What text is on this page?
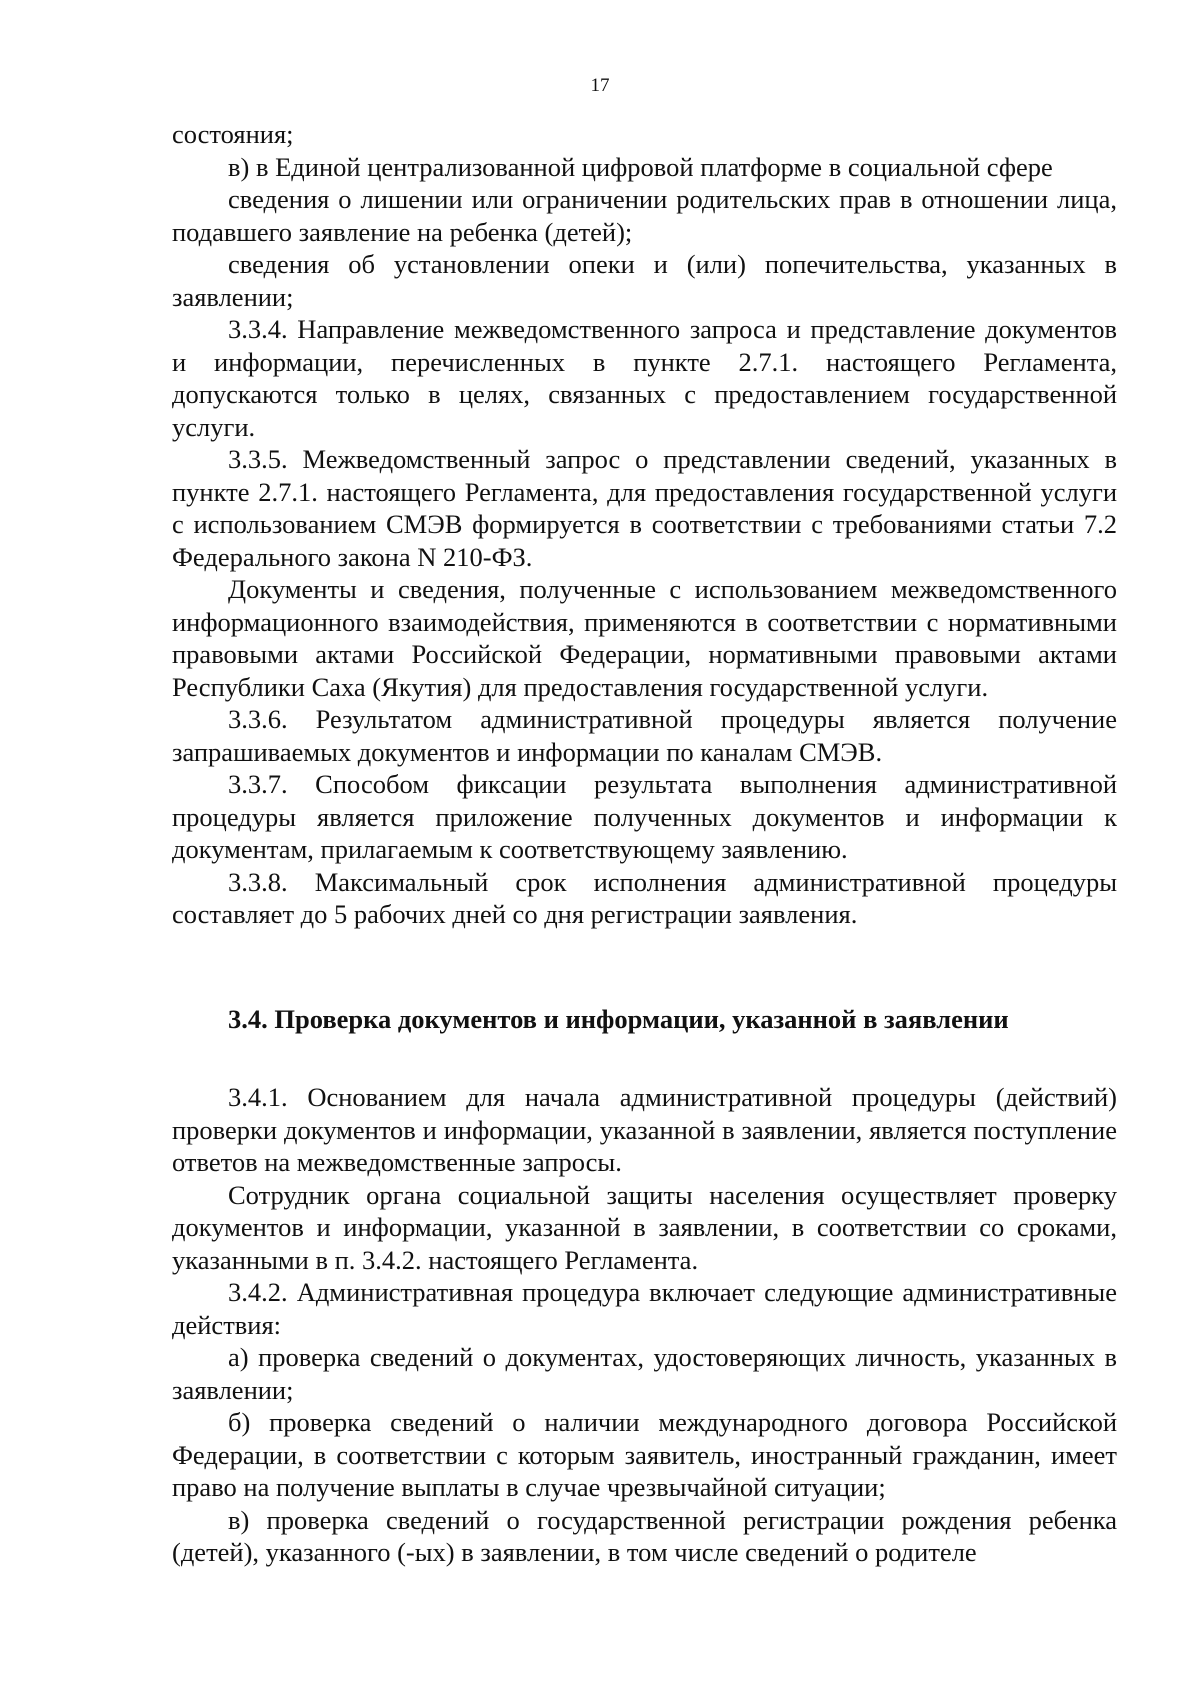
17

состояния;

в) в Единой централизованной цифровой платформе в социальной сфере

сведения о лишении или ограничении родительских прав в отношении лица, подавшего заявление на ребенка (детей);

сведения об установлении опеки и (или) попечительства, указанных в заявлении;

3.3.4. Направление межведомственного запроса и представление документов и информации, перечисленных в пункте 2.7.1. настоящего Регламента, допускаются только в целях, связанных с предоставлением государственной услуги.

3.3.5. Межведомственный запрос о представлении сведений, указанных в пункте 2.7.1. настоящего Регламента, для предоставления государственной услуги с использованием СМЭВ формируется в соответствии с требованиями статьи 7.2 Федерального закона N 210-ФЗ.

Документы и сведения, полученные с использованием межведомственного информационного взаимодействия, применяются в соответствии с нормативными правовыми актами Российской Федерации, нормативными правовыми актами Республики Саха (Якутия) для предоставления государственной услуги.

3.3.6. Результатом административной процедуры является получение запрашиваемых документов и информации по каналам СМЭВ.

3.3.7. Способом фиксации результата выполнения административной процедуры является приложение полученных документов и информации к документам, прилагаемым к соответствующему заявлению.

3.3.8. Максимальный срок исполнения административной процедуры составляет до 5 рабочих дней со дня регистрации заявления.

3.4. Проверка документов и информации, указанной в заявлении

3.4.1. Основанием для начала административной процедуры (действий) проверки документов и информации, указанной в заявлении, является поступление ответов на межведомственные запросы.

Сотрудник органа социальной защиты населения осуществляет проверку документов и информации, указанной в заявлении, в соответствии со сроками, указанными в п. 3.4.2. настоящего Регламента.

3.4.2. Административная процедура включает следующие административные действия:

а) проверка сведений о документах, удостоверяющих личность, указанных в заявлении;

б) проверка сведений о наличии международного договора Российской Федерации, в соответствии с которым заявитель, иностранный гражданин, имеет право на получение выплаты в случае чрезвычайной ситуации;

в) проверка сведений о государственной регистрации рождения ребенка (детей), указанного (-ых) в заявлении, в том числе сведений о родителе
